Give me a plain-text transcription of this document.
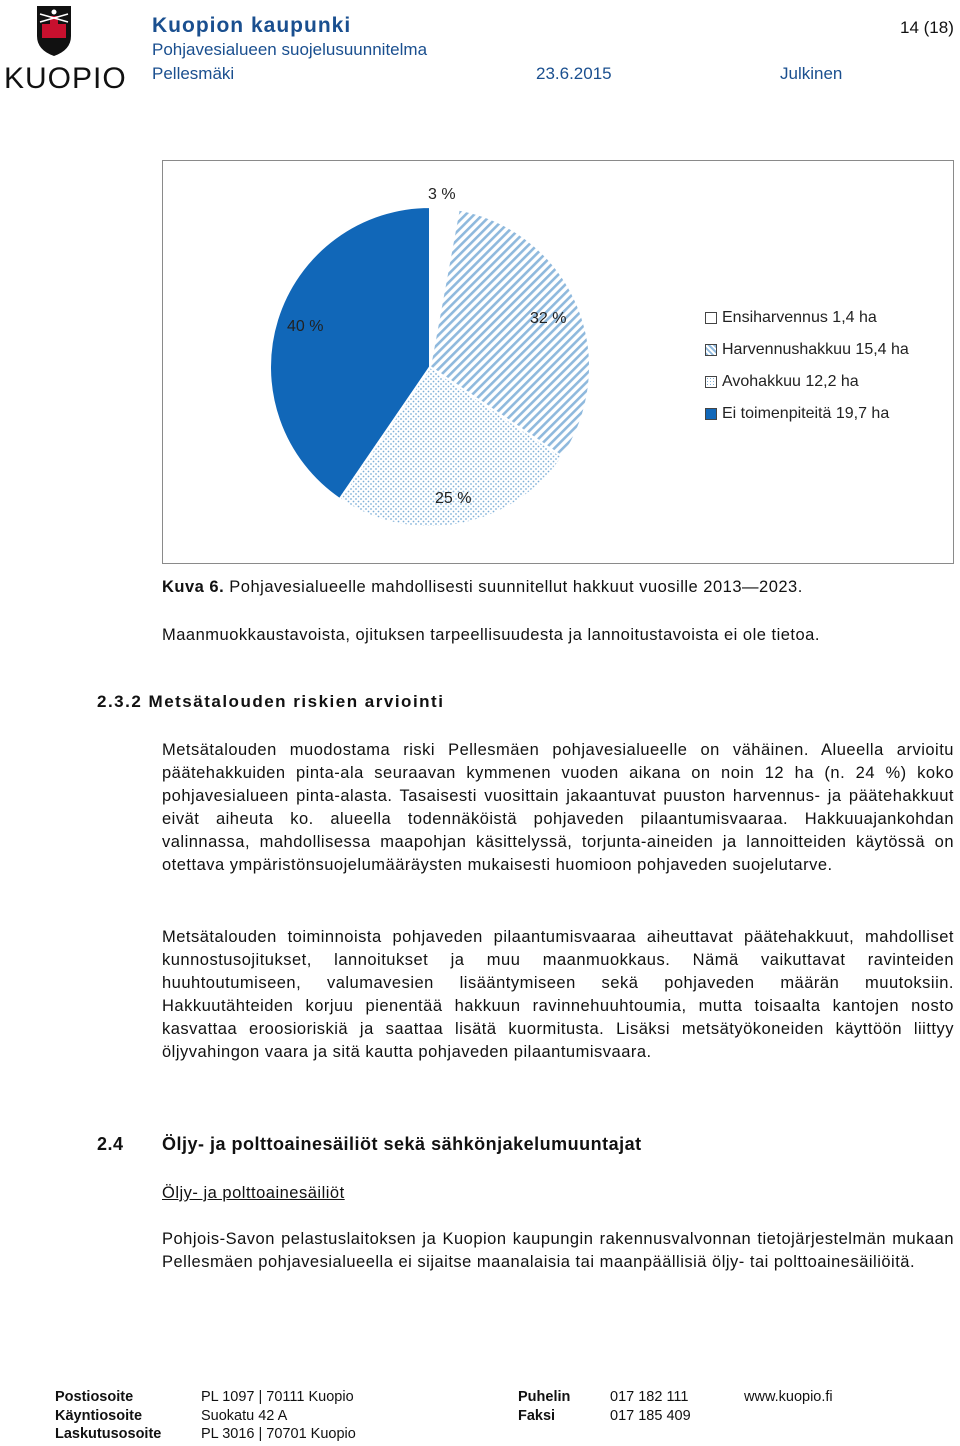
KUOPIO
Kuopion kaupunki
Pohjavesialueen suojelusuunnitelma
Pellesmäki	23.6.2015	Julkinen
14 (18)
3 %
32 %
25 %
40 %
Ensiharvennus 1,4 ha
Harvennushakkuu 15,4 ha
Avohakkuu 12,2 ha
Ei toimenpiteitä 19,7 ha
Kuva 6. Pohjavesialueelle mahdollisesti suunnitellut hakkuut vuosille 2013—2023.
Maanmuokkaustavoista, ojituksen tarpeellisuudesta ja lannoitustavoista ei ole tietoa.
2.3.2 Metsätalouden riskien arviointi

Metsätalouden muodostama riski Pellesmäen pohjavesialueelle on vähäinen. Alueella arvioitu päätehakkuiden pinta-ala seuraavan kymmenen vuoden aikana on noin 12 ha (n. 24 %) koko pohjavesialueen pinta-alasta. Tasaisesti vuosittain jakaantuvat puuston harvennus- ja päätehakkuut eivät aiheuta ko. alueella todennäköistä pohjaveden pilaantumisvaaraa. Hakkuuajankohdan valinnassa, mahdollisessa maapohjan käsittelyssä, torjunta-aineiden ja lannoitteiden käytössä on otettava ympäristönsuojelumääräysten mukaisesti huomioon pohjaveden suojelutarve.

Metsätalouden toiminnoista pohjaveden pilaantumisvaaraa aiheuttavat päätehakkuut, mahdolliset kunnostusojitukset, lannoitukset ja muu maanmuokkaus. Nämä vaikuttavat ravinteiden huuhtoutumiseen, valumavesien lisääntymiseen sekä pohjaveden määrän muutoksiin. Hakkuutähteiden korjuu pienentää hakkuun ravinnehuuhtoumia, mutta toisaalta kantojen nosto kasvattaa eroosioriskiä ja saattaa lisätä kuormitusta. Lisäksi metsätyökoneiden käyttöön liittyy öljyvahingon vaara ja sitä kautta pohjaveden pilaantumisvaara.

2.4 Öljy- ja polttoainesäiliöt sekä sähkönjakelumuuntajat
Öljy- ja polttoainesäiliöt

Pohjois-Savon pelastuslaitoksen ja Kuopion kaupungin rakennusvalvonnan tietojärjestelmän mukaan Pellesmäen pohjavesialueella ei sijaitse maanalaisia tai maanpäällisiä öljy- tai polttoainesäiliöitä.

Postiosoite
Käyntiosoite
Laskutusosoite
PL 1097 | 70111 Kuopio
Suokatu 42 A
PL 3016 | 70701 Kuopio
Puhelin
Faksi
017 182 111
017 185 409
www.kuopio.fi
